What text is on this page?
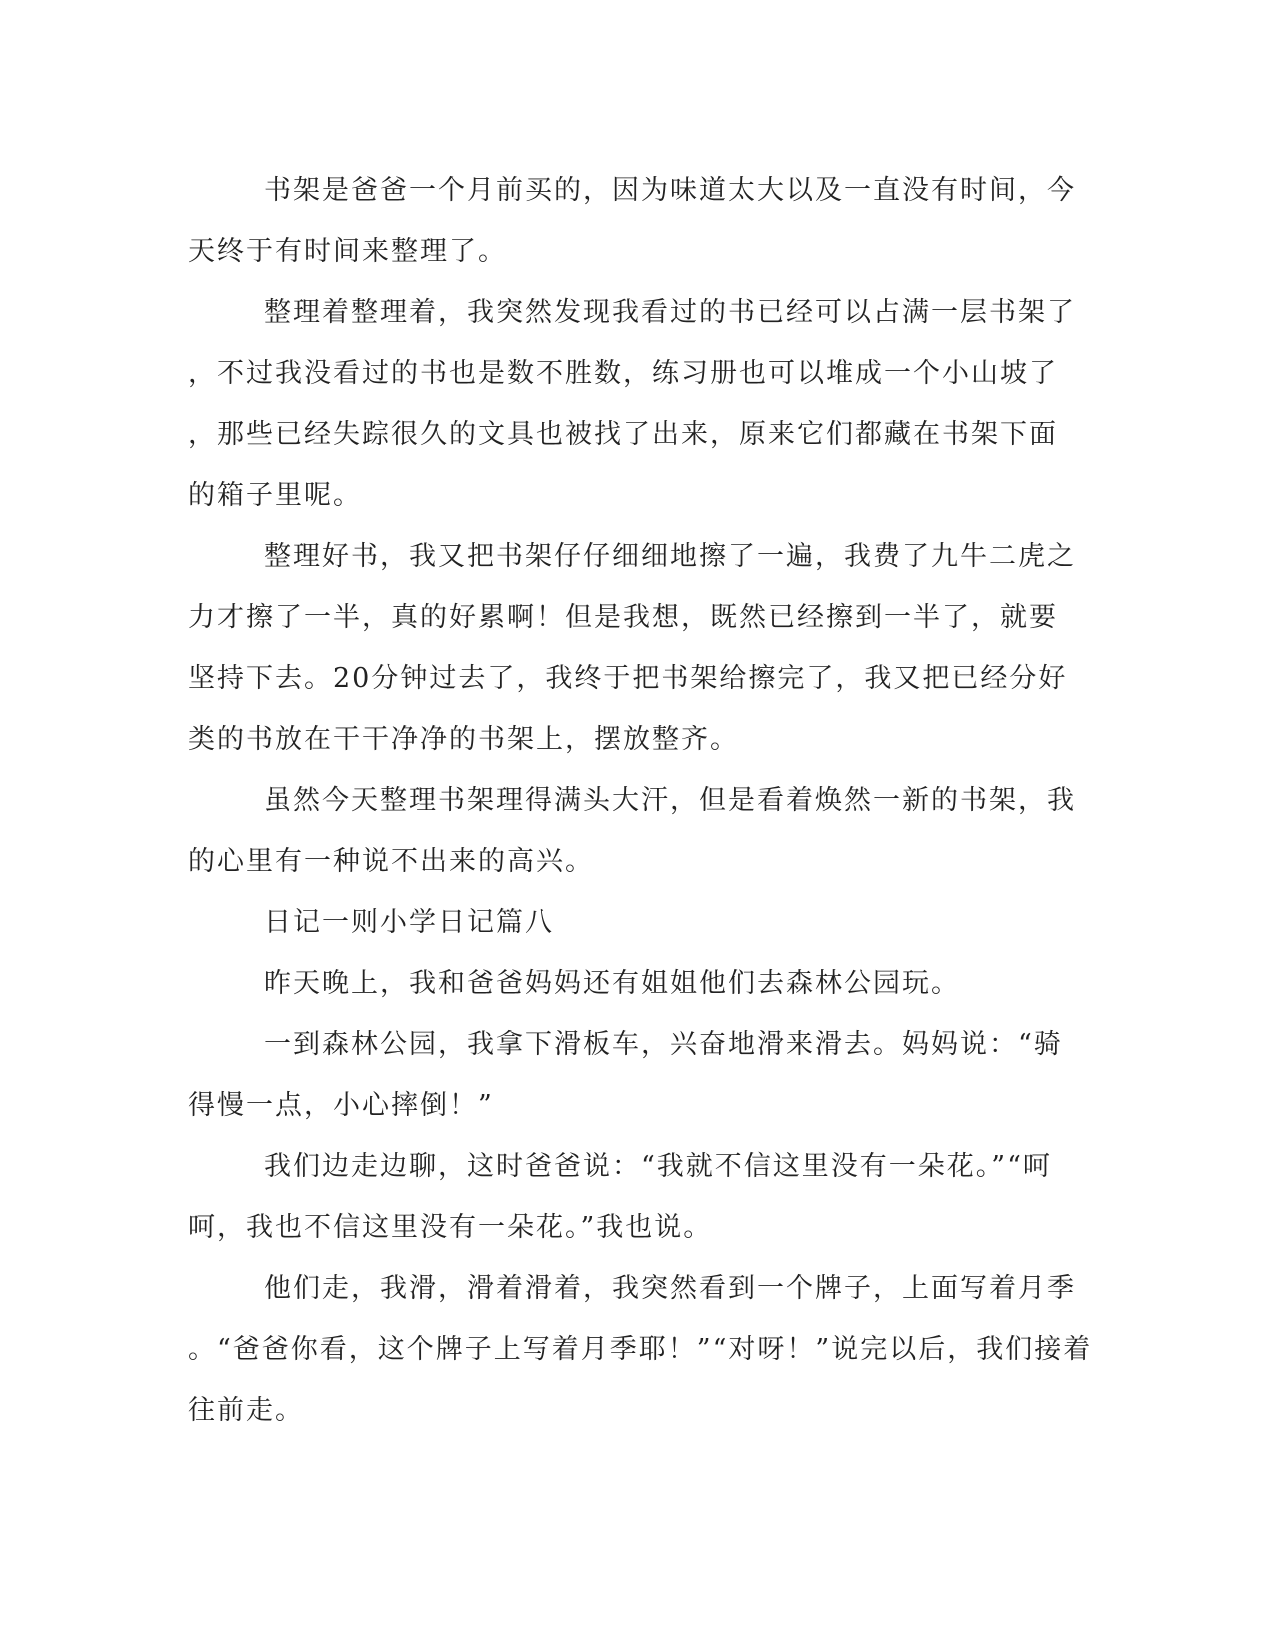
书架是爸爸一个月前买的，因为味道太大以及一直没有时间，今
天终于有时间来整理了。

整理着整理着，我突然发现我看过的书已经可以占满一层书架了
，不过我没看过的书也是数不胜数，练习册也可以堆成一个小山坡了
，那些已经失踪很久的文具也被找了出来，原来它们都藏在书架下面
的箱子里呢。

整理好书，我又把书架仔仔细细地擦了一遍，我费了九牛二虎之
力才擦了一半，真的好累啊！但是我想，既然已经擦到一半了，就要
坚持下去。20分钟过去了，我终于把书架给擦完了，我又把已经分好
类的书放在干干净净的书架上，摆放整齐。

虽然今天整理书架理得满头大汗，但是看着焕然一新的书架，我
的心里有一种说不出来的高兴。

日记一则小学日记篇八

昨天晚上，我和爸爸妈妈还有姐姐他们去森林公园玩。

一到森林公园，我拿下滑板车，兴奋地滑来滑去。妈妈说：“骑
得慢一点，小心摔倒！”

我们边走边聊，这时爸爸说：“我就不信这里没有一朵花。”“呵
呵，我也不信这里没有一朵花。”我也说。

他们走，我滑，滑着滑着，我突然看到一个牌子，上面写着月季
。“爸爸你看，这个牌子上写着月季耶！”“对呀！”说完以后，我们接着
往前走。
